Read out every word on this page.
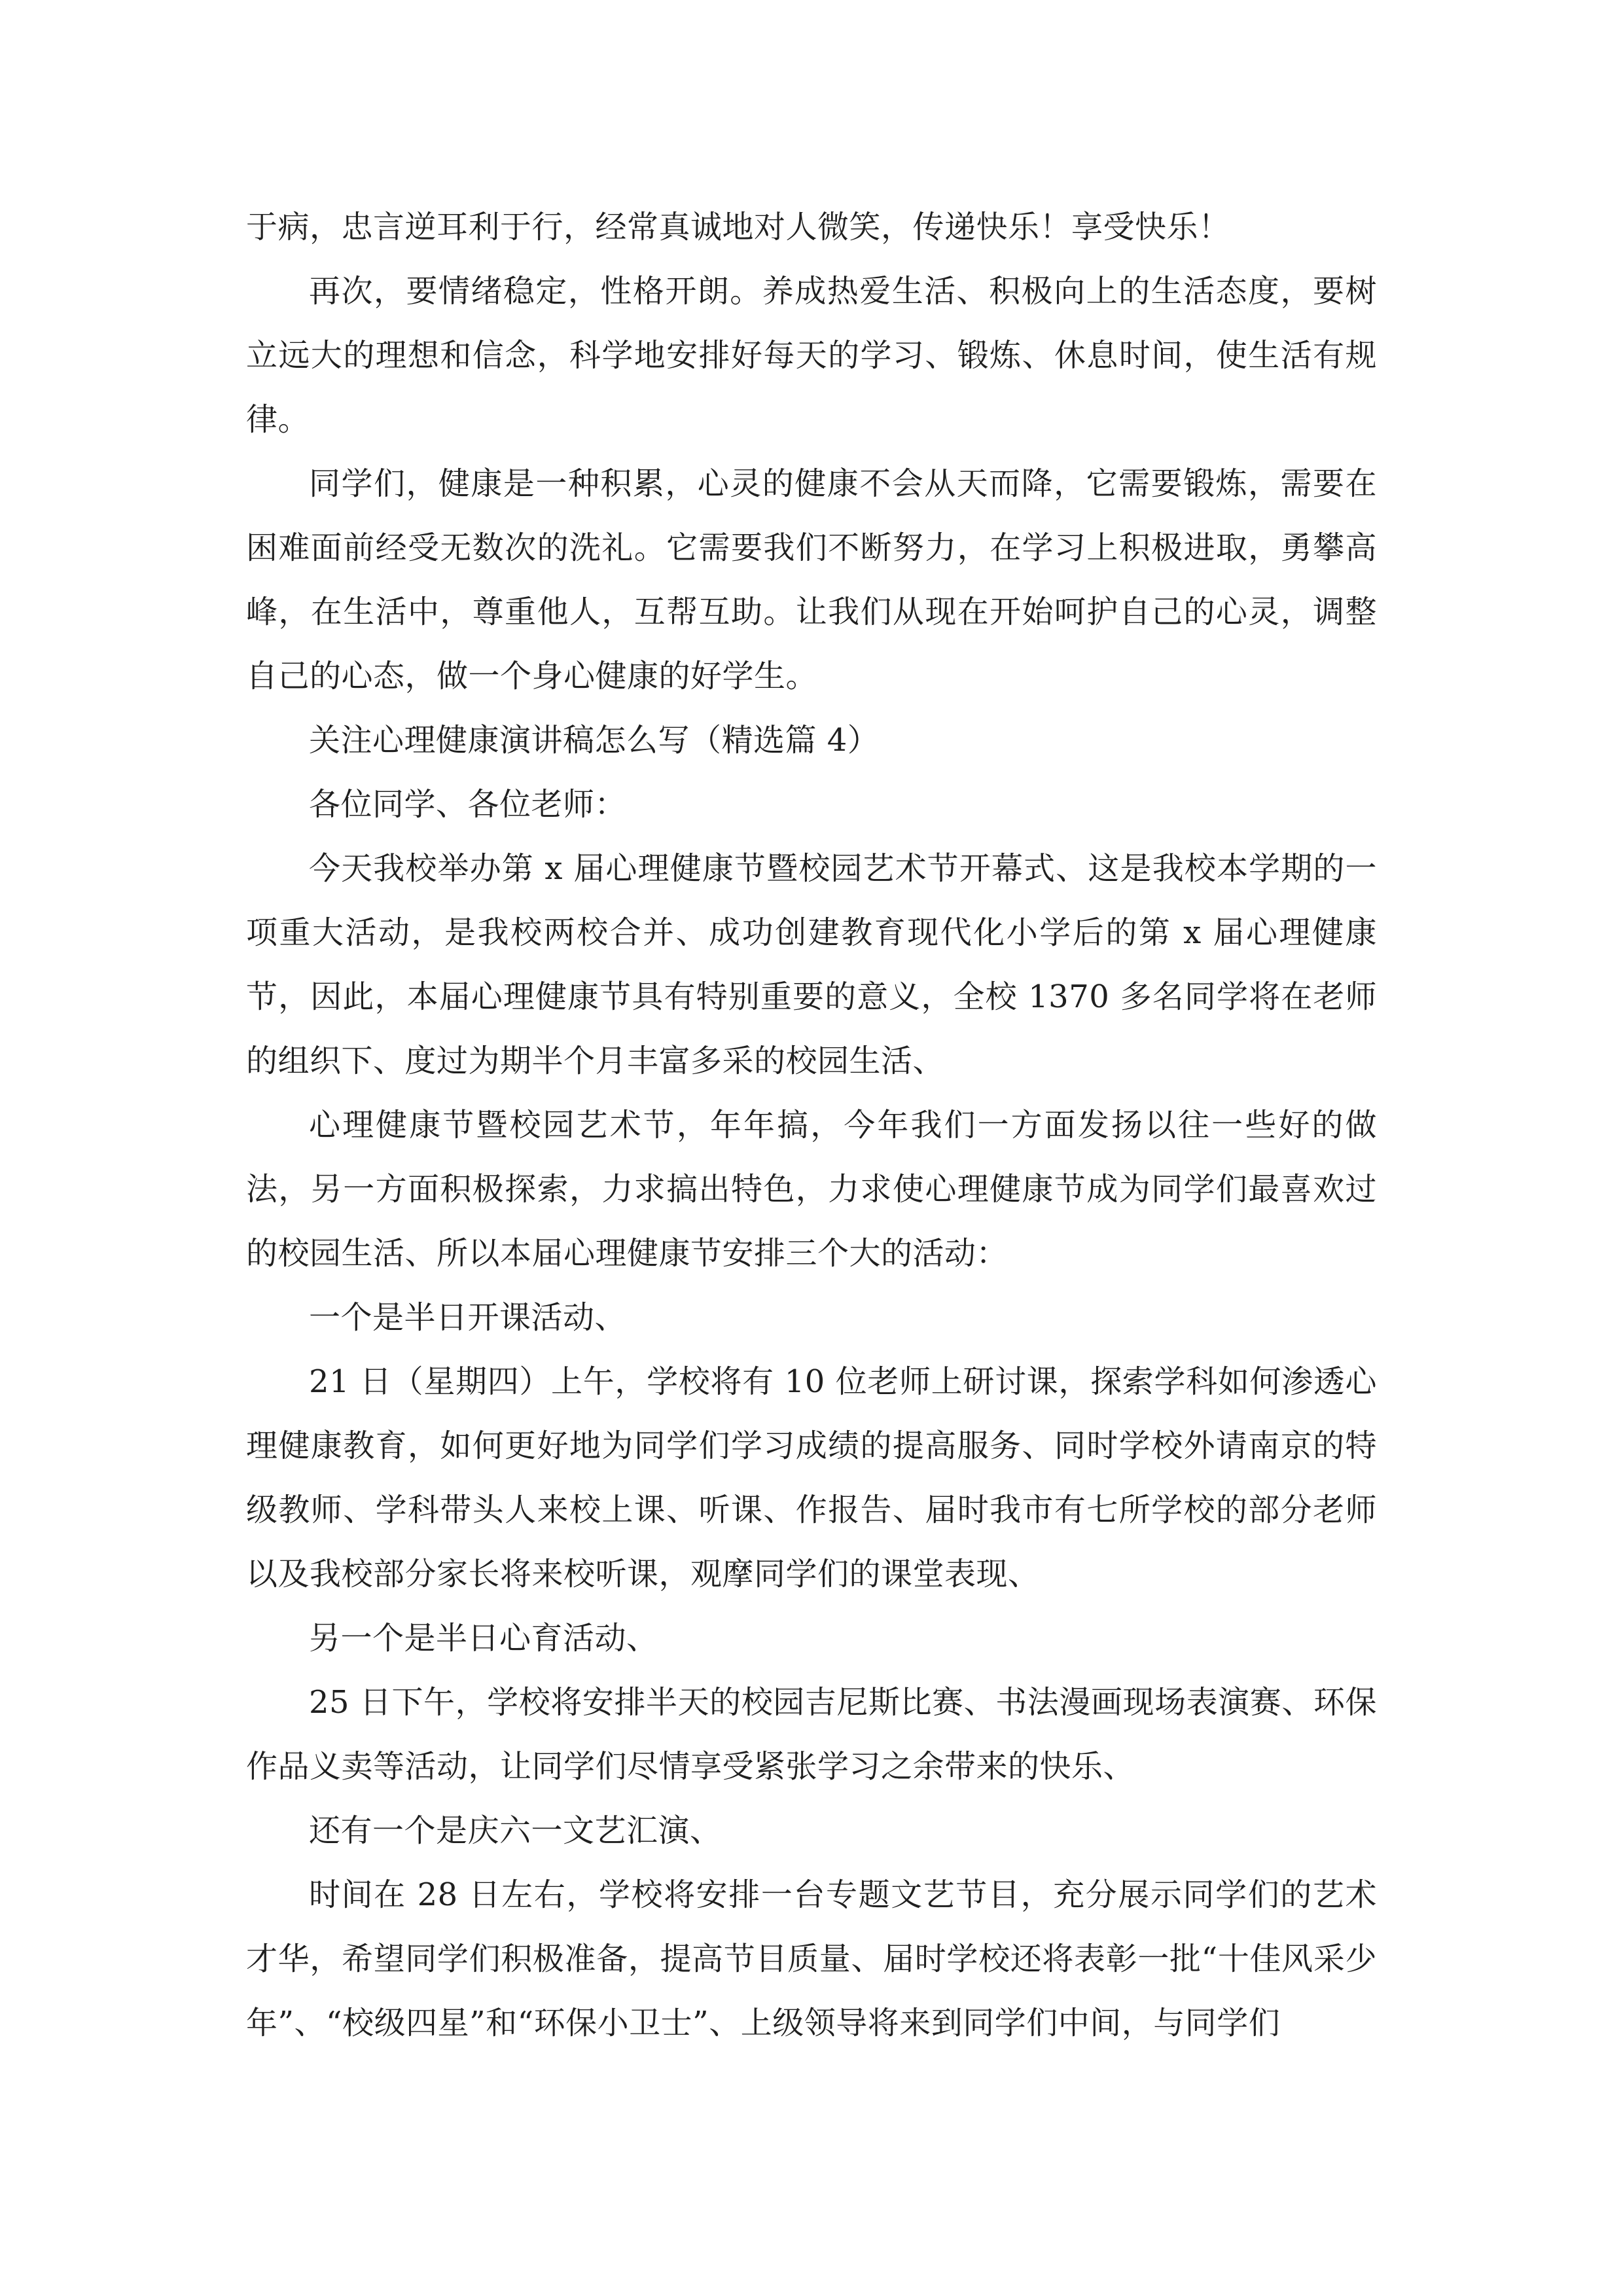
于病，忠言逆耳利于行，经常真诚地对人微笑，传递快乐！享受快乐！

再次，要情绪稳定，性格开朗。养成热爱生活、积极向上的生活态度，要树立远大的理想和信念，科学地安排好每天的学习、锻炼、休息时间，使生活有规律。

同学们，健康是一种积累，心灵的健康不会从天而降，它需要锻炼，需要在困难面前经受无数次的洗礼。它需要我们不断努力，在学习上积极进取，勇攀高峰，在生活中，尊重他人，互帮互助。让我们从现在开始呵护自己的心灵，调整自己的心态，做一个身心健康的好学生。

关注心理健康演讲稿怎么写（精选篇 4）

各位同学、各位老师：

今天我校举办第 x 届心理健康节暨校园艺术节开幕式、这是我校本学期的一项重大活动，是我校两校合并、成功创建教育现代化小学后的第 x 届心理健康节，因此，本届心理健康节具有特别重要的意义，全校 1370 多名同学将在老师的组织下、度过为期半个月丰富多采的校园生活、

心理健康节暨校园艺术节，年年搞，今年我们一方面发扬以往一些好的做法，另一方面积极探索，力求搞出特色，力求使心理健康节成为同学们最喜欢过的校园生活、所以本届心理健康节安排三个大的活动：

一个是半日开课活动、

21 日（星期四）上午，学校将有 10 位老师上研讨课，探索学科如何渗透心理健康教育，如何更好地为同学们学习成绩的提高服务、同时学校外请南京的特级教师、学科带头人来校上课、听课、作报告、届时我市有七所学校的部分老师以及我校部分家长将来校听课，观摩同学们的课堂表现、

另一个是半日心育活动、

25 日下午，学校将安排半天的校园吉尼斯比赛、书法漫画现场表演赛、环保作品义卖等活动，让同学们尽情享受紧张学习之余带来的快乐、

还有一个是庆六一文艺汇演、

时间在 28 日左右，学校将安排一台专题文艺节目，充分展示同学们的艺术才华，希望同学们积极准备，提高节目质量、届时学校还将表彰一批“十佳风采少年”、“校级四星”和“环保小卫士”、上级领导将来到同学们中间，与同学们
